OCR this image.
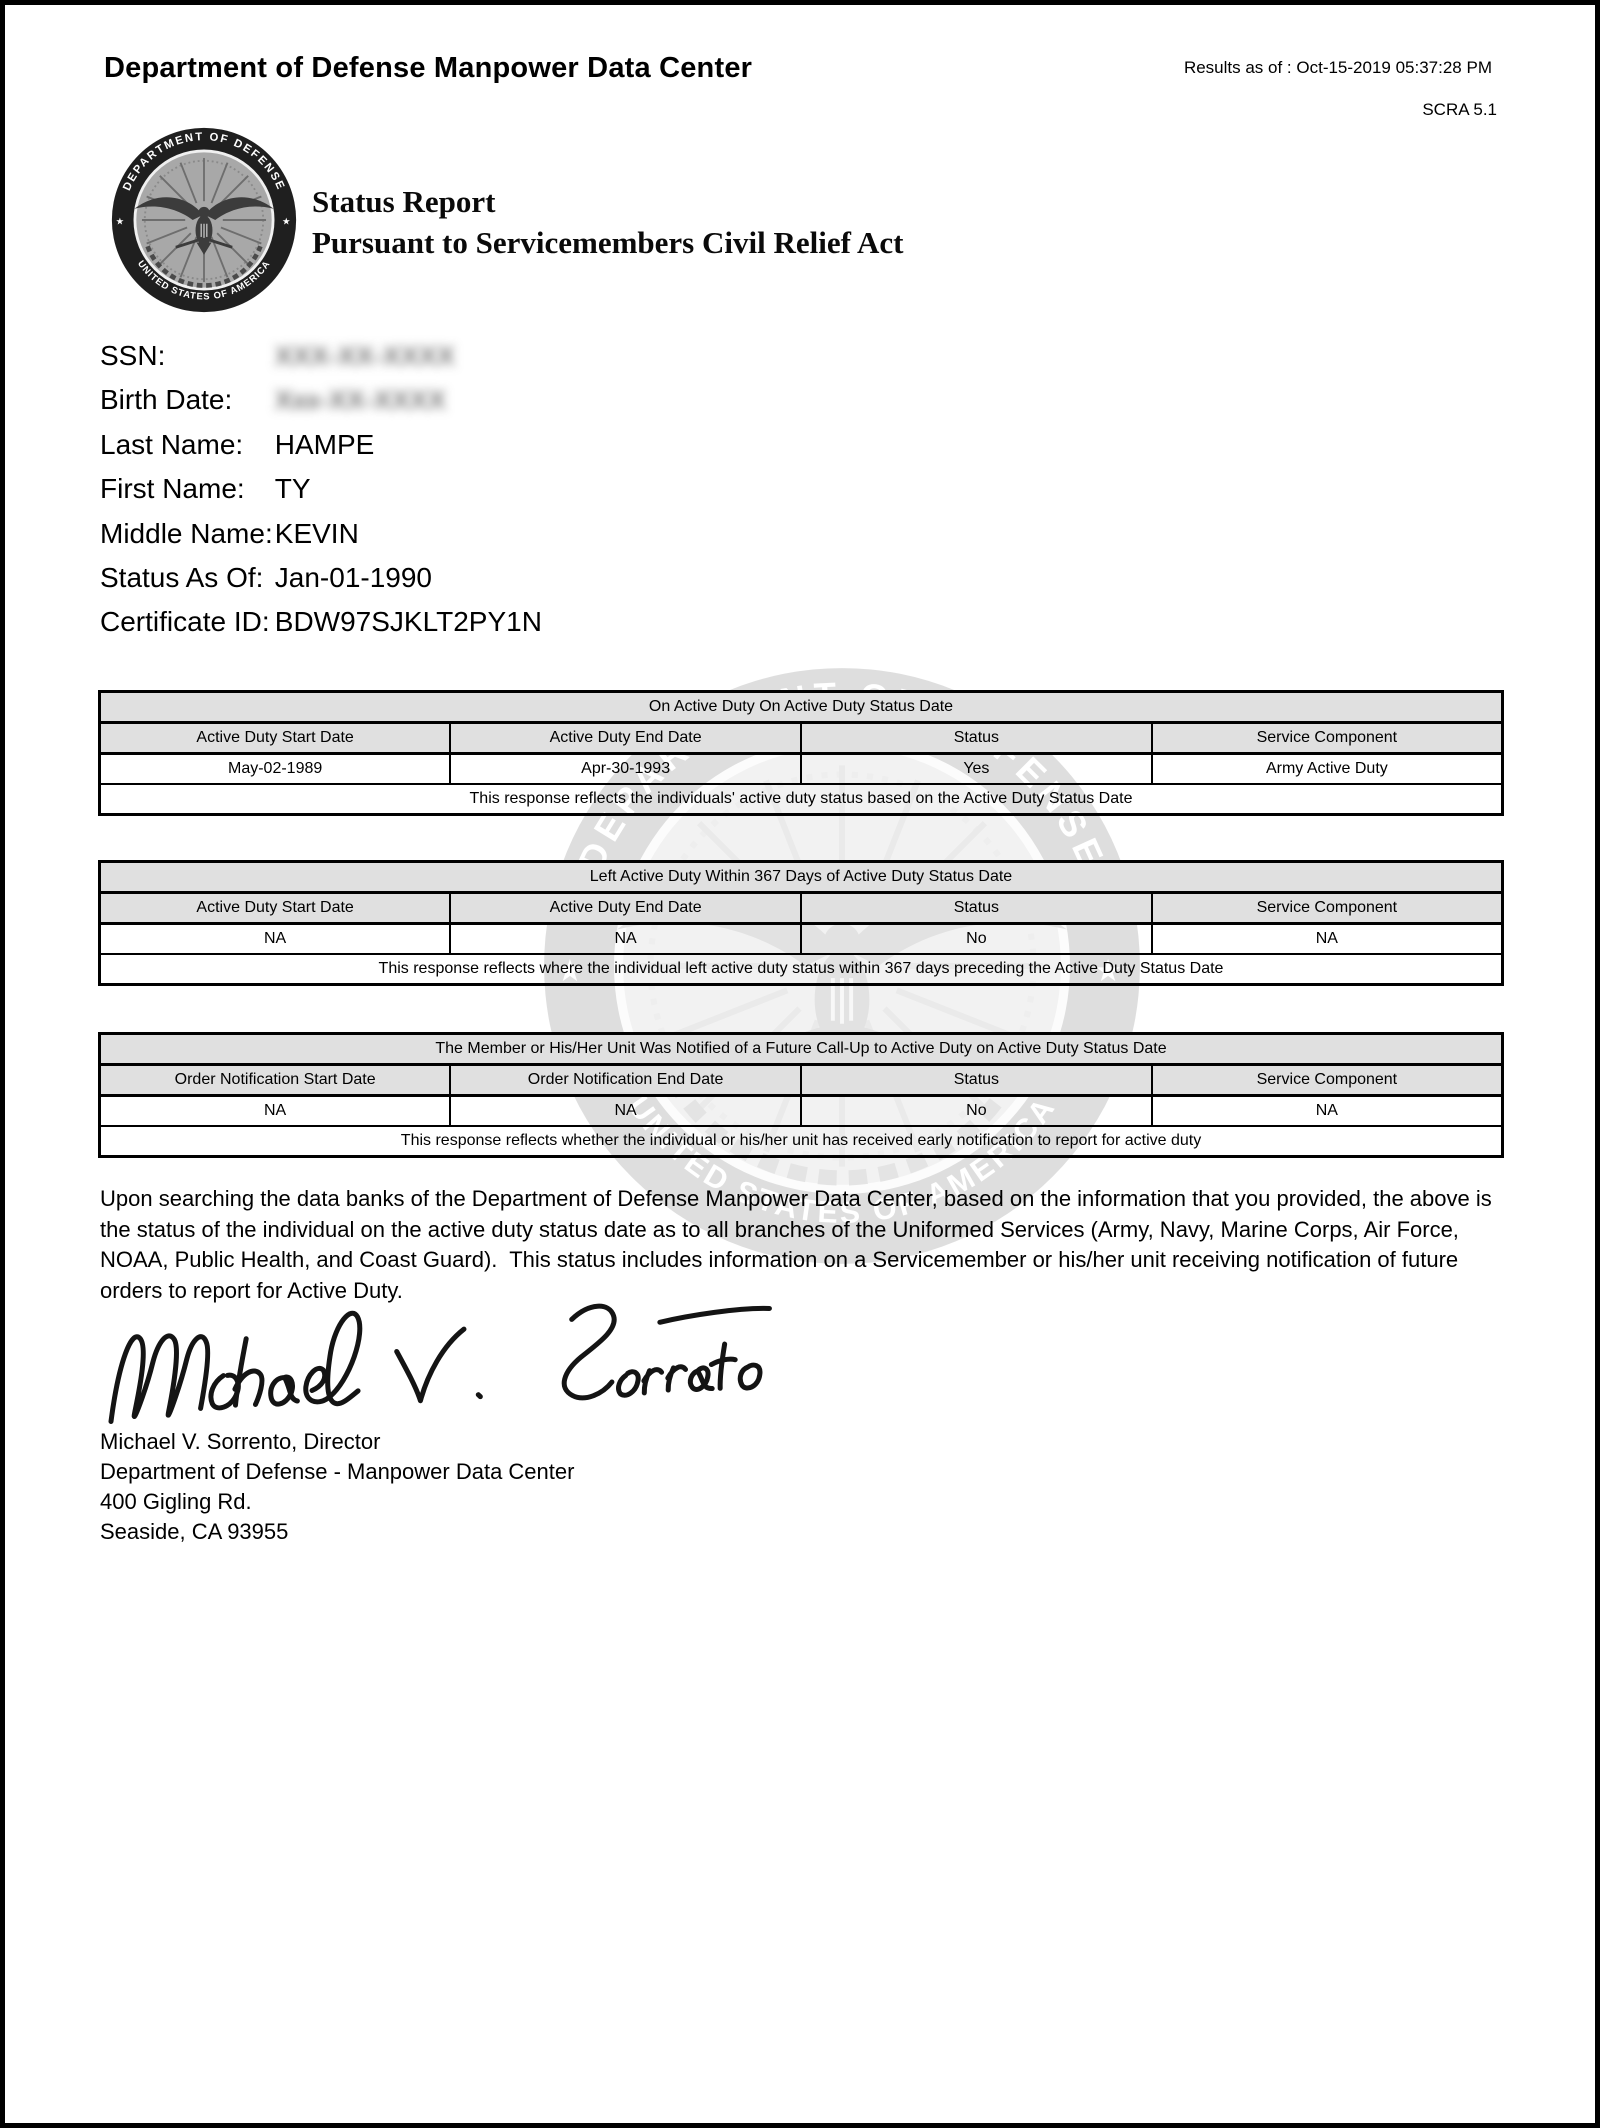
Department of Defense Manpower Data Center	Results as of : Oct-15-2019 05:37:28 PM
SCRA 5.1
Status Report
Pursuant to Servicemembers Civil Relief Act
SSN:	XXX-XX-XXXX
Birth Date: Xxx-XX-XXXX
Last Name: HAMPE
First Name: TY
Middle Name: KEVIN
Status As Of: Jan-01-1990
Certificate ID: BDW97SJKLT2PY1N
On Active Duty On Active Duty Status Date			
Active Duty Start Date	Active Duty End Date	Status	Service Component
May-02-1989	Apr-30-1993	Yes	Army Active Duty
This response reflects the individuals' active duty status based on the Active Duty Status Date			
Left Active Duty Within 367 Days of Active Duty Status Date			
Active Duty Start Date	Active Duty End Date	Status	Service Component
NA	NA	No	NA
This response reflects where the individual left active duty status within 367 days preceding the Active Duty Status Date			
The Member or His/Her Unit Was Notified of a Future Call-Up to Active Duty on Active Duty Status Date			
Order Notification Start Date	Order Notification End Date	Status	Service Component
NA	NA	No	NA
This response reflects whether the individual or his/her unit has received early notification to report for active duty			
Upon searching the data banks of the Department of Defense Manpower Data Center, based on the information that you provided, the above is the status of the individual on the active duty status date as to all branches of the Uniformed Services (Army, Navy, Marine Corps, Air Force, NOAA, Public Health, and Coast Guard).  This status includes information on a Servicemember or his/her unit receiving notification of future orders to report for Active Duty.
Michael V. Sorrento, Director
Department of Defense - Manpower Data Center
400 Gigling Rd.
Seaside, CA 93955
